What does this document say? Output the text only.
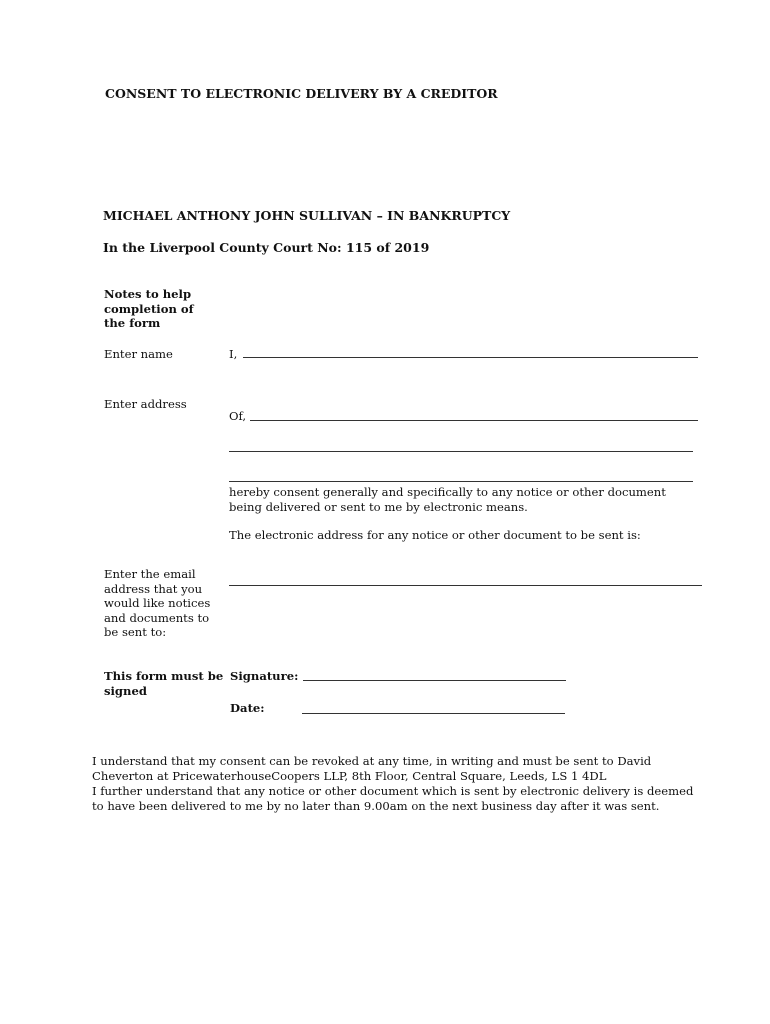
CONSENT TO ELECTRONIC DELIVERY BY A CREDITOR
MICHAEL ANTHONY JOHN SULLIVAN – IN BANKRUPTCY
In the Liverpool County Court No: 115 of 2019
Notes to help
completion of
the form
Enter name	I,
Enter address
Of,
hereby consent generally and specifically to any notice or other document being delivered or sent to me by electronic means.
The electronic address for any notice or other document to be sent is:
Enter the email
address that you
would like notices
and documents to
be sent to:
This form must be
signed
Signature:
Date:
I understand that my consent can be revoked at any time, in writing and must be sent to David
Cheverton at PricewaterhouseCoopers LLP, 8th Floor, Central Square, Leeds, LS 1 4DL
I further understand that any notice or other document which is sent by electronic delivery is deemed
to have been delivered to me by no later than 9.00am on the next business day after it was sent.
